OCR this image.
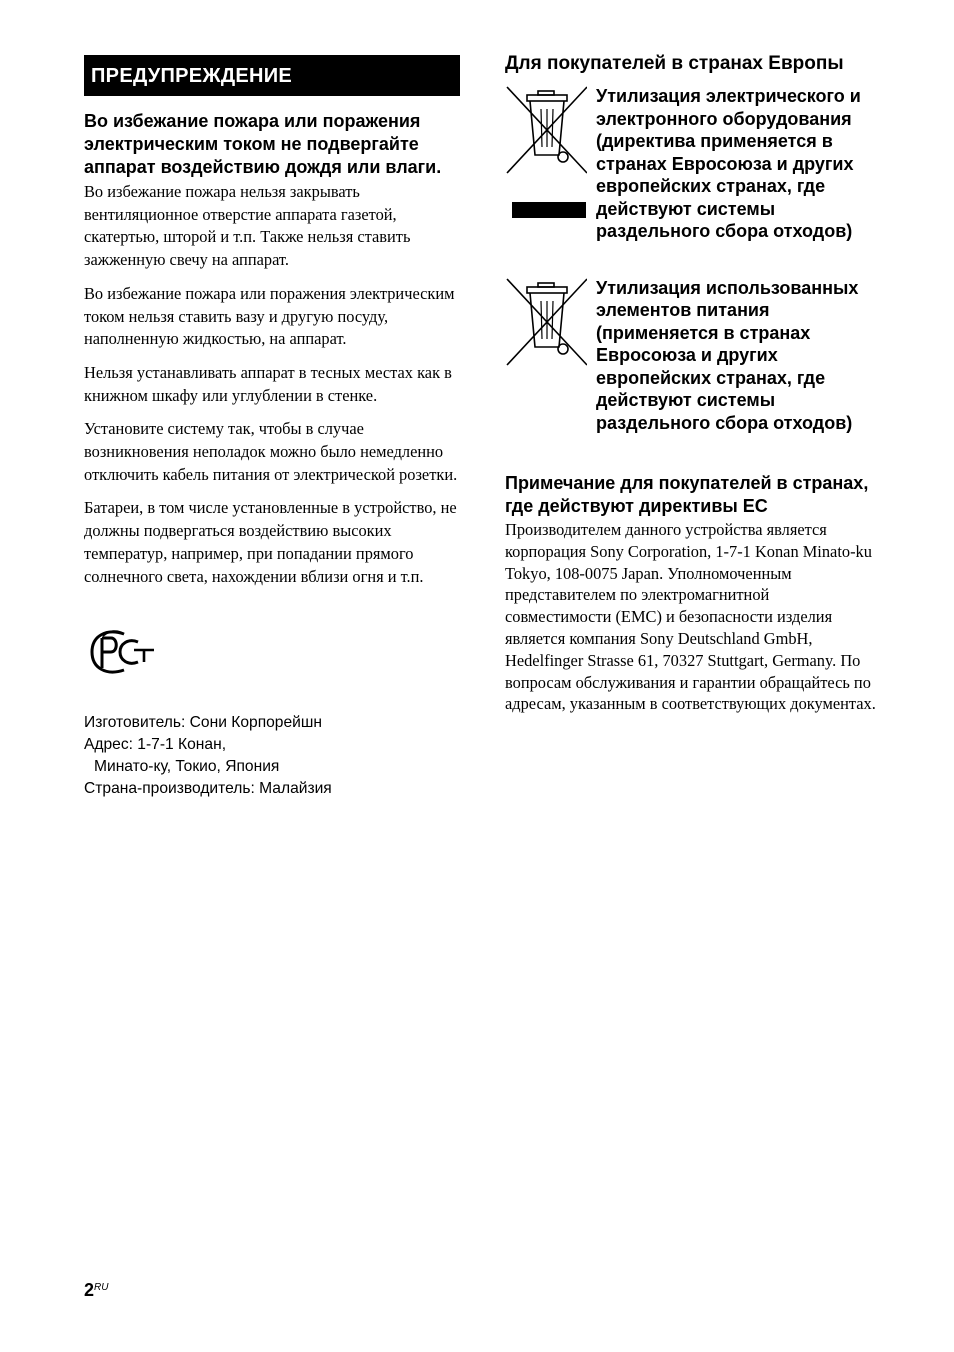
ПРЕДУПРЕЖДЕНИЕ
Во избежание пожара или поражения электрическим током не подвергайте аппарат воздействию дождя или влаги.

Во избежание пожара нельзя закрывать вентиляционное отверстие аппарата газетой, скатертью, шторой и т.п. Также нельзя ставить зажженную свечу на аппарат.

Во избежание пожара или поражения электрическим током нельзя ставить вазу и другую посуду, наполненную жидкостью, на аппарат.

Нельзя устанавливать аппарат в тесных местах как в книжном шкафу или углублении в стенке.

Установите систему так, чтобы в случае возникновения неполадок можно было немедленно отключить кабель питания от электрической розетки.

Батареи, в том числе установленные в устройство, не должны подвергаться воздействию высоких температур, например, при попадании прямого солнечного света, нахождении вблизи огня и т.п.

Изготовитель: Сони Корпорейшн
Адрес: 1-7-1 Конан,
Минато-ку, Токио, Япония
Страна-производитель: Малайзия
Для покупателей в странах Европы
Утилизация электрического и электронного оборудования (директива применяется в странах Евросоюза и других европейских странах, где действуют системы раздельного сбора отходов)
Утилизация использованных элементов питания (применяется в странах Евросоюза и других европейских странах, где действуют системы раздельного сбора отходов)
Примечание для покупателей в странах, где действуют директивы ЕС
Производителем данного устройства является корпорация Sony Corporation, 1-7-1 Konan Minato-ku Tokyo, 108-0075 Japan. Уполномоченным представителем по электромагнитной совместимости (EMC) и безопасности изделия является компания Sony Deutschland GmbH, Hedelfinger Strasse 61, 70327 Stuttgart, Germany. По вопросам обслуживания и гарантии обращайтесь по адресам, указанным в соответствующих документах.
$2^{RU}$
